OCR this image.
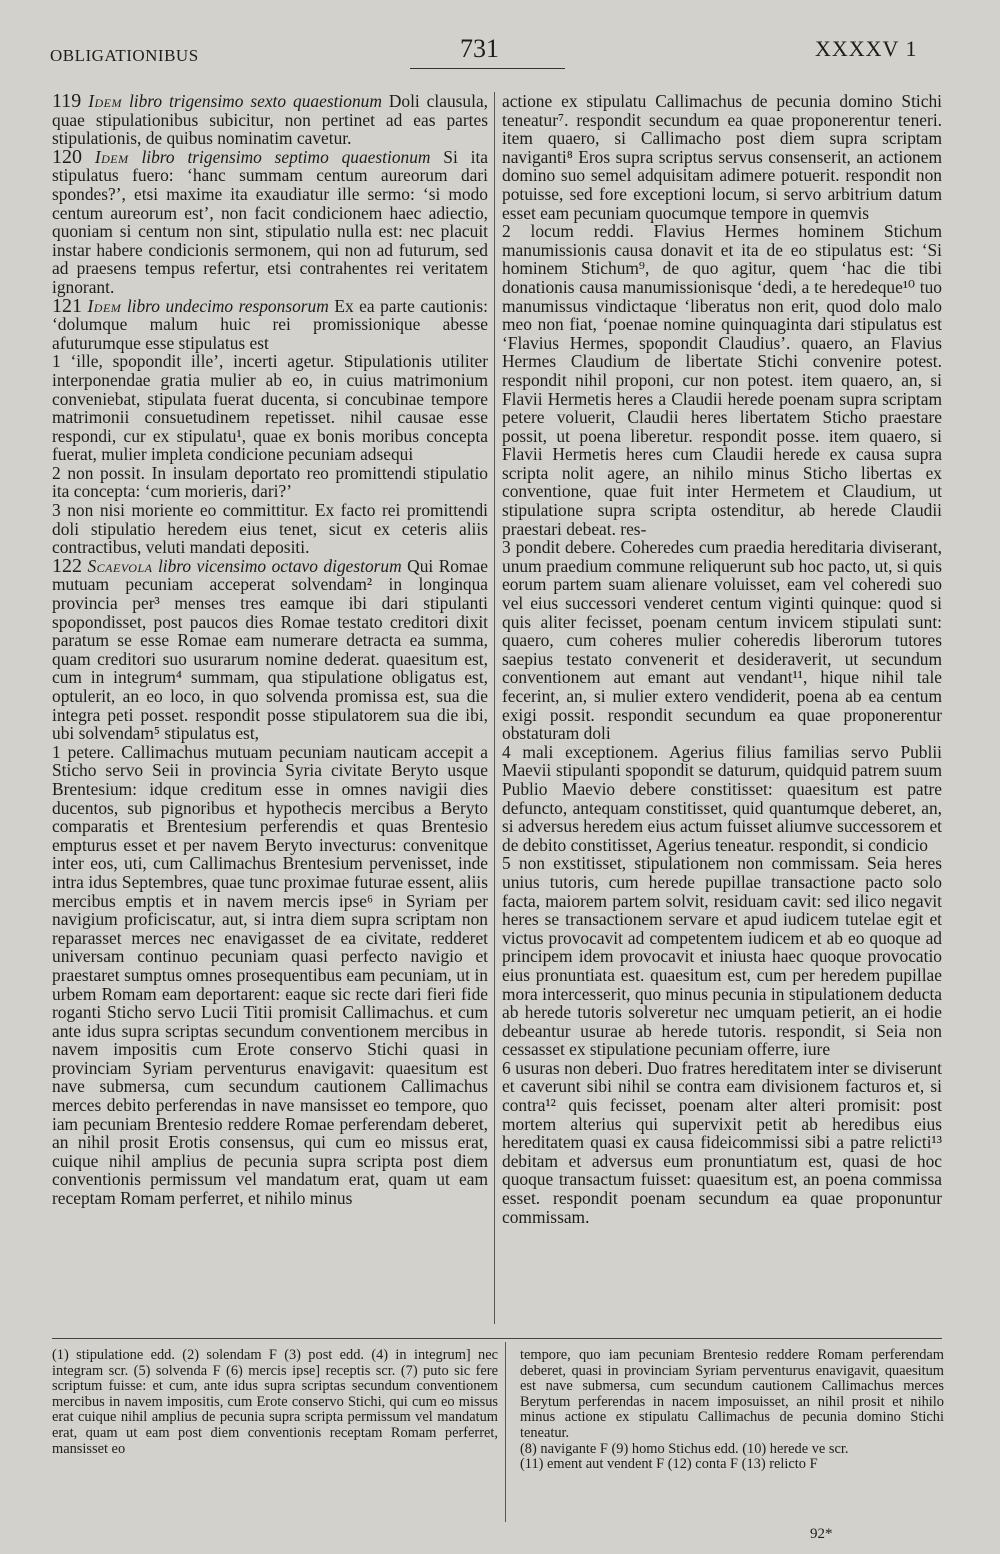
OBLIGATIONIBUS	731	XXXXV 1

119 Idem libro trigensimo sexto quaestionum Doli clausula, quae stipulationibus subicitur, non pertinet ad eas partes stipulationis, de quibus nominatim cavetur.

120 Idem libro trigensimo septimo quaestionum Si ita stipulatus fuero: ‘hanc summam centum aureorum dari spondes?’, etsi maxime ita exaudiatur ille sermo: ‘si modo centum aureorum est’, non facit condicionem haec adiectio, quoniam si centum non sint, stipulatio nulla est: nec placuit instar habere condicionis sermonem, qui non ad futurum, sed ad praesens tempus refertur, etsi contrahentes rei veritatem ignorant.

121 Idem libro undecimo responsorum Ex ea parte cautionis: ‘dolumque malum huic rei promissionique abesse afuturumque esse stipulatus est
1 ‘ille, spopondit ille’, incerti agetur. Stipulationis utiliter interponendae gratia mulier ab eo, in cuius matrimonium conveniebat, stipulata fuerat ducenta, si concubinae tempore matrimonii consuetudinem repetisset. nihil causae esse respondi, cur ex stipulatu¹, quae ex bonis moribus concepta fuerat, mulier impleta condicione pecuniam adsequi
2 non possit. In insulam deportato reo promittendi stipulatio ita concepta: ‘cum morieris, dari?’
3 non nisi moriente eo committitur. Ex facto rei promittendi doli stipulatio heredem eius tenet, sicut ex ceteris aliis contractibus, veluti mandati depositi.

122 Scaevola libro vicensimo octavo digestorum Qui Romae mutuam pecuniam acceperat solvendam² in longinqua provincia per³ menses tres eamque ibi dari stipulanti spopondisset, post paucos dies Romae testato creditori dixit paratum se esse Romae eam numerare detracta ea summa, quam creditori suo usurarum nomine dederat. quaesitum est, cum in integrum⁴ summam, qua stipulatione obligatus est, optulerit, an eo loco, in quo solvenda promissa est, sua die integra peti posset. respondit posse stipulatorem sua die ibi, ubi solvendam⁵ stipulatus est,
1 petere. Callimachus mutuam pecuniam nauticam accepit a Sticho servo Seii in provincia Syria civitate Beryto usque Brentesium: idque creditum esse in omnes navigii dies ducentos, sub pignoribus et hypothecis mercibus a Beryto comparatis et Brentesium perferendis et quas Brentesio empturus esset et per navem Beryto invecturus: convenitque inter eos, uti, cum Callimachus Brentesium pervenisset, inde intra idus Septembres, quae tunc proximae futurae essent, aliis mercibus emptis et in navem mercis ipse⁶ in Syriam per navigium proficiscatur, aut, si intra diem supra scriptam non reparasset merces nec enavigasset de ea civitate, redderet universam continuo pecuniam quasi perfecto navigio et praestaret sumptus omnes prosequentibus eam pecuniam, ut in urbem Romam eam deportarent: eaque sic recte dari fieri fide roganti Sticho servo Lucii Titii promisit Callimachus. et cum ante idus supra scriptas secundum conventionem mercibus in navem impositis cum Erote conservo Stichi quasi in provinciam Syriam perventurus enavigavit: quaesitum est nave submersa, cum secundum cautionem Callimachus merces debito perferendas in nave mansisset eo tempore, quo iam pecuniam Brentesio reddere Romae perferendam deberet, an nihil prosit Erotis consensus, qui cum eo missus erat, cuique nihil amplius de pecunia supra scripta post diem conventionis permissum vel mandatum erat, quam ut eam receptam Romam perferret, et nihilo minus

actione ex stipulatu Callimachus de pecunia domino Stichi teneatur⁷. respondit secundum ea quae proponerentur teneri. item quaero, si Callimacho post diem supra scriptam naviganti⁸ Eros supra scriptus servus consenserit, an actionem domino suo semel adquisitam adimere potuerit. respondit non potuisse, sed fore exceptioni locum, si servo arbitrium datum esset eam pecuniam quocumque tempore in quemvis
2 locum reddi. Flavius Hermes hominem Stichum manumissionis causa donavit et ita de eo stipulatus est: ‘Si hominem Stichum⁹, de quo agitur, quem ‘hac die tibi donationis causa manumissionisque ‘dedi, a te heredeque¹⁰ tuo manumissus vindictaque ‘liberatus non erit, quod dolo malo meo non fiat, ‘poenae nomine quinquaginta dari stipulatus est ‘Flavius Hermes, spopondit Claudius’. quaero, an Flavius Hermes Claudium de libertate Stichi convenire potest. respondit nihil proponi, cur non potest. item quaero, an, si Flavii Hermetis heres a Claudii herede poenam supra scriptam petere voluerit, Claudii heres libertatem Sticho praestare possit, ut poena liberetur. respondit posse. item quaero, si Flavii Hermetis heres cum Claudii herede ex causa supra scripta nolit agere, an nihilo minus Sticho libertas ex conventione, quae fuit inter Hermetem et Claudium, ut stipulatione supra scripta ostenditur, ab herede Claudii praestari debeat. res-
3 pondit debere. Coheredes cum praedia hereditaria diviserant, unum praedium commune reliquerunt sub hoc pacto, ut, si quis eorum partem suam alienare voluisset, eam vel coheredi suo vel eius successori venderet centum viginti quinque: quod si quis aliter fecisset, poenam centum invicem stipulati sunt: quaero, cum coheres mulier coheredis liberorum tutores saepius testato convenerit et desideraverit, ut secundum conventionem aut emant aut vendant¹¹, hique nihil tale fecerint, an, si mulier extero vendiderit, poena ab ea centum exigi possit. respondit secundum ea quae proponerentur obstaturam doli
4 mali exceptionem. Agerius filius familias servo Publii Maevii stipulanti spopondit se daturum, quidquid patrem suum Publio Maevio debere constitisset: quaesitum est patre defuncto, antequam constitisset, quid quantumque deberet, an, si adversus heredem eius actum fuisset aliumve successorem et de debito constitisset, Agerius teneatur. respondit, si condicio
5 non exstitisset, stipulationem non commissam. Seia heres unius tutoris, cum herede pupillae transactione pacto solo facta, maiorem partem solvit, residuam cavit: sed ilico negavit heres se transactionem servare et apud iudicem tutelae egit et victus provocavit ad competentem iudicem et ab eo quoque ad principem idem provocavit et iniusta haec quoque provocatio eius pronuntiata est. quaesitum est, cum per heredem pupillae mora intercesserit, quo minus pecunia in stipulationem deducta ab herede tutoris solveretur nec umquam petierit, an ei hodie debeantur usurae ab herede tutoris. respondit, si Seia non cessasset ex stipulatione pecuniam offerre, iure
6 usuras non deberi. Duo fratres hereditatem inter se diviserunt et caverunt sibi nihil se contra eam divisionem facturos et, si contra¹² quis fecisset, poenam alter alteri promisit: post mortem alterius qui supervixit petit ab heredibus eius hereditatem quasi ex causa fideicommissi sibi a patre relicti¹³ debitam et adversus eum pronuntiatum est, quasi de hoc quoque transactum fuisset: quaesitum est, an poena commissa esset. respondit poenam secundum ea quae proponuntur commissam.

(1) stipulatione edd. (2) solendam F (3) post edd. (4) in integrum] nec integram scr. (5) solvenda F (6) mercis ipse] receptis scr. (7) puto sic fere scriptum fuisse: et cum, ante idus supra scriptas secundum conventionem mercibus in navem impositis, cum Erote conservo Stichi, qui cum eo missus erat cuique nihil amplius de pecunia supra scripta permissum vel mandatum erat, quam ut eam post diem conventionis receptam Romam perferret, mansisset eo
tempore, quo iam pecuniam Brentesio reddere Romam perferendam deberet, quasi in provinciam Syriam perventurus enavigavit, quaesitum est nave submersa, cum secundum cautionem Callimachus merces Berytum perferendas in nacem imposuisset, an nihil prosit et nihilo minus actione ex stipulatu Callimachus de pecunia domino Stichi teneatur.
(8) navigante F (9) homo Stichus edd. (10) herede ve scr.
(11) ement aut vendent F (12) conta F (13) relicto F
92*
